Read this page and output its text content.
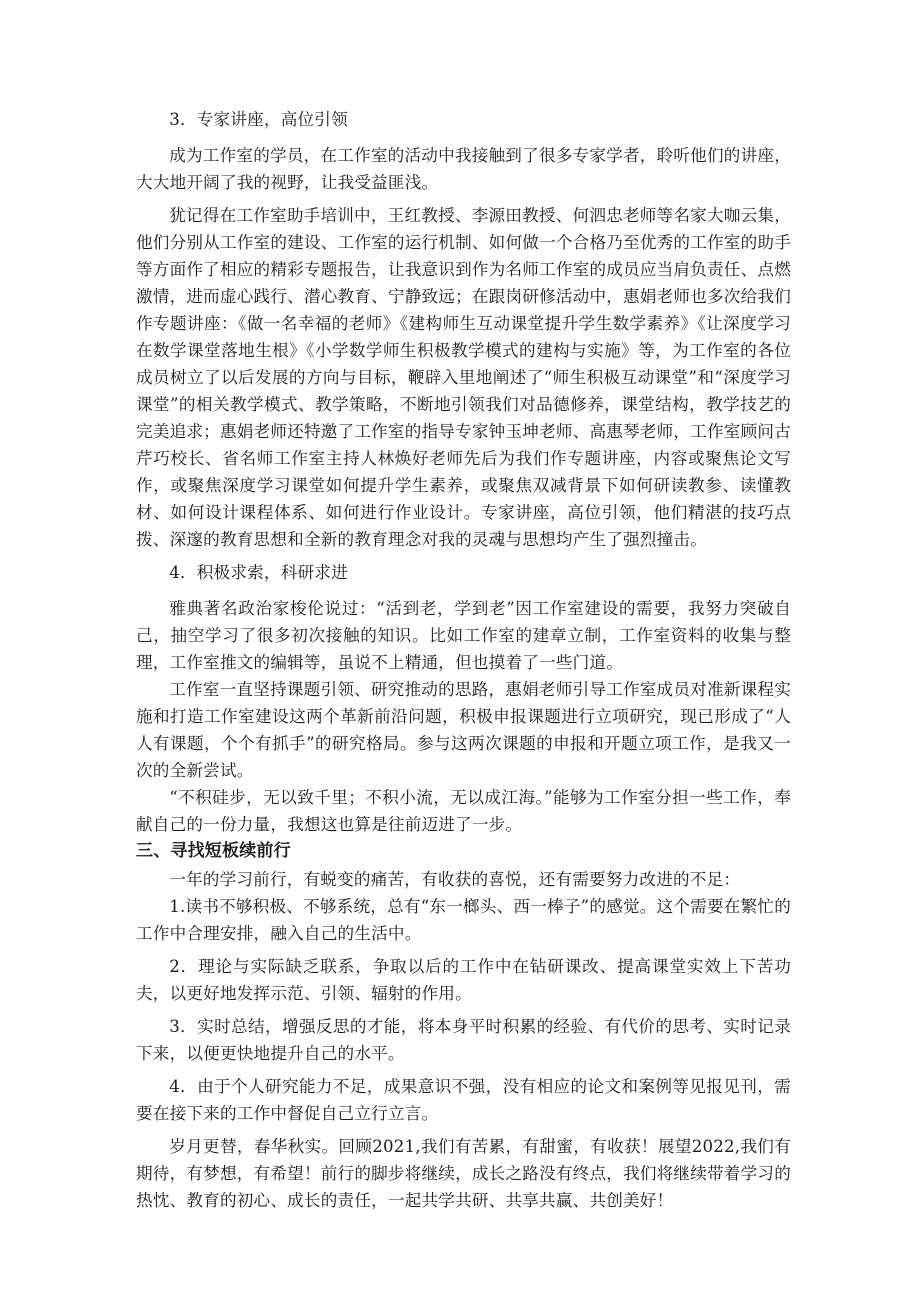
3．专家讲座，高位引领

成为工作室的学员，在工作室的活动中我接触到了很多专家学者，聆听他们的讲座，大大地开阔了我的视野，让我受益匪浅。

犹记得在工作室助手培训中，王红教授、李源田教授、何泗忠老师等名家大咖云集，他们分别从工作室的建设、工作室的运行机制、如何做一个合格乃至优秀的工作室的助手等方面作了相应的精彩专题报告，让我意识到作为名师工作室的成员应当肩负责任、点燃激情，进而虚心践行、潜心教育、宁静致远；在跟岗研修活动中，惠娟老师也多次给我们作专题讲座：《做一名幸福的老师》《建构师生互动课堂提升学生数学素养》《让深度学习在数学课堂落地生根》《小学数学师生积极教学模式的建构与实施》等，为工作室的各位成员树立了以后发展的方向与目标，鞭辟入里地阐述了“师生积极互动课堂”和“深度学习课堂”的相关教学模式、教学策略，不断地引领我们对品德修养，课堂结构，教学技艺的完美追求；惠娟老师还特邀了工作室的指导专家钟玉坤老师、高惠琴老师，工作室顾问古芹巧校长、省名师工作室主持人林焕好老师先后为我们作专题讲座，内容或聚焦论文写作，或聚焦深度学习课堂如何提升学生素养，或聚焦双减背景下如何研读教参、读懂教材、如何设计课程体系、如何进行作业设计。专家讲座，高位引领，他们精湛的技巧点拨、深邃的教育思想和全新的教育理念对我的灵魂与思想均产生了强烈撞击。

4．积极求索，科研求进

雅典著名政治家梭伦说过：“活到老，学到老”因工作室建设的需要，我努力突破自己，抽空学习了很多初次接触的知识。比如工作室的建章立制，工作室资料的收集与整理，工作室推文的编辑等，虽说不上精通，但也摸着了一些门道。

工作室一直坚持课题引领、研究推动的思路，惠娟老师引导工作室成员对准新课程实施和打造工作室建设这两个革新前沿问题，积极申报课题进行立项研究，现已形成了“人人有课题，个个有抓手”的研究格局。参与这两次课题的申报和开题立项工作，是我又一次的全新尝试。

“不积硅步，无以致千里；不积小流，无以成江海。”能够为工作室分担一些工作，奉献自己的一份力量，我想这也算是往前迈进了一步。

三、寻找短板续前行

一年的学习前行，有蜕变的痛苦，有收获的喜悦，还有需要努力改进的不足：

1.读书不够积极、不够系统，总有“东一榔头、西一棒子”的感觉。这个需要在繁忙的工作中合理安排，融入自己的生活中。

2．理论与实际缺乏联系，争取以后的工作中在钻研课改、提高课堂实效上下苦功夫，以更好地发挥示范、引领、辐射的作用。

3．实时总结，增强反思的才能，将本身平时积累的经验、有代价的思考、实时记录下来，以便更快地提升自己的水平。

4．由于个人研究能力不足，成果意识不强，没有相应的论文和案例等见报见刊，需要在接下来的工作中督促自己立行立言。

岁月更替，春华秋实。回顾2021,我们有苦累，有甜蜜，有收获！展望2022,我们有期待，有梦想，有希望！前行的脚步将继续，成长之路没有终点，我们将继续带着学习的热忱、教育的初心、成长的责任，一起共学共研、共享共赢、共创美好！
